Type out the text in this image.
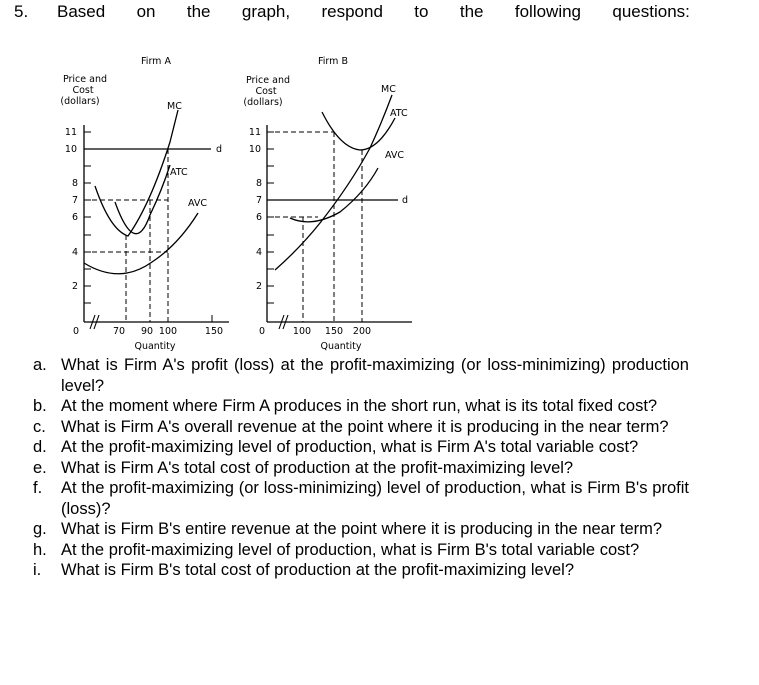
5. Based on the graph, respond to the following questions:
Firm A
Price and
Cost
(dollars)
11
10
8
7
6
4
2
0	70 90 100	150
Quantity
d
MC
ATC
AVC
Firm B
Price and
Cost
(dollars)
11
10
8
7
6
4
2
0	100 150 200
Quantity
d
MC
ATC
AVC
a. What is Firm A's profit (loss) at the profit-maximizing (or loss-minimizing) production level?
b. At the moment where Firm A produces in the short run, what is its total fixed cost?
c. What is Firm A's overall revenue at the point where it is producing in the near term?
d. At the profit-maximizing level of production, what is Firm A's total variable cost?
e. What is Firm A's total cost of production at the profit-maximizing level?
f. At the profit-maximizing (or loss-minimizing) level of production, what is Firm B's profit (loss)?
g. What is Firm B's entire revenue at the point where it is producing in the near term?
h. At the profit-maximizing level of production, what is Firm B's total variable cost?
i. What is Firm B's total cost of production at the profit-maximizing level?
